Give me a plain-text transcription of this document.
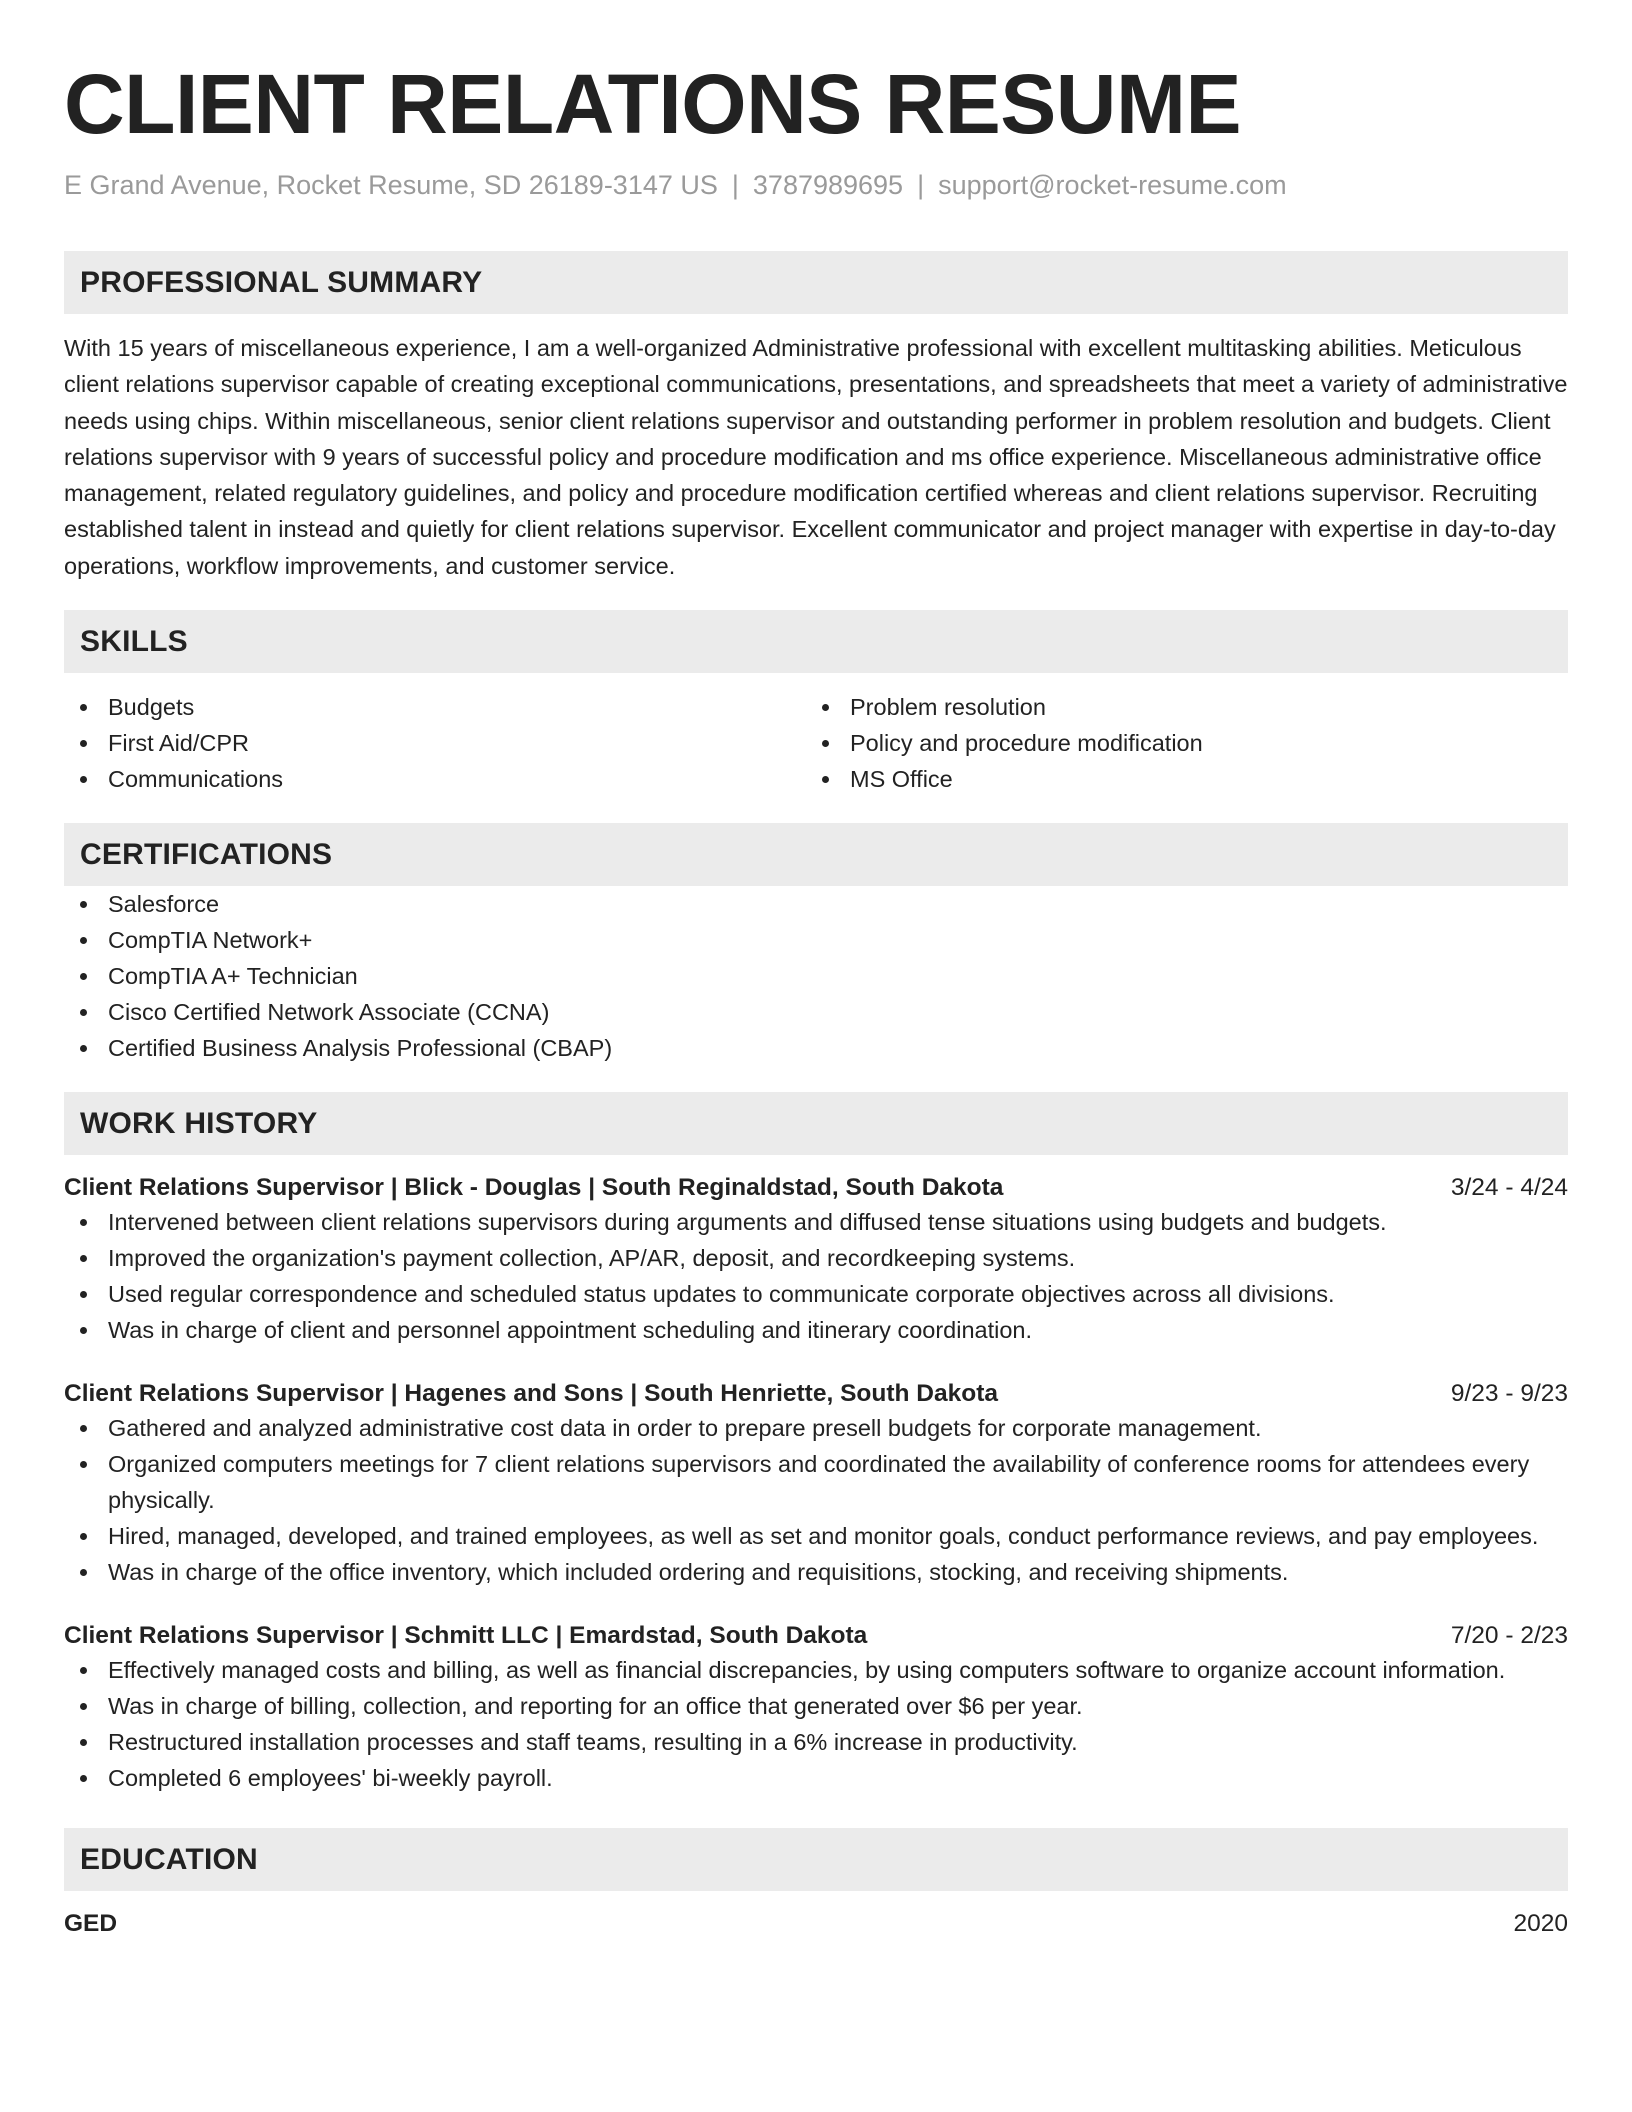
CLIENT RELATIONS RESUME
E Grand Avenue, Rocket Resume, SD 26189-3147 US | 3787989695 | support@rocket-resume.com
PROFESSIONAL SUMMARY

With 15 years of miscellaneous experience, I am a well-organized Administrative professional with excellent multitasking abilities. Meticulous client relations supervisor capable of creating exceptional communications, presentations, and spreadsheets that meet a variety of administrative needs using chips. Within miscellaneous, senior client relations supervisor and outstanding performer in problem resolution and budgets. Client relations supervisor with 9 years of successful policy and procedure modification and ms office experience. Miscellaneous administrative office management, related regulatory guidelines, and policy and procedure modification certified whereas and client relations supervisor. Recruiting established talent in instead and quietly for client relations supervisor. Excellent communicator and project manager with expertise in day-to-day operations, workflow improvements, and customer service.

SKILLS
Budgets
First Aid/CPR
Communications
Problem resolution
Policy and procedure modification
MS Office
CERTIFICATIONS
Salesforce
CompTIA Network+
CompTIA A+ Technician
Cisco Certified Network Associate (CCNA)
Certified Business Analysis Professional (CBAP)
WORK HISTORY
Client Relations Supervisor | Blick - Douglas | South Reginaldstad, South Dakota	3/24 - 4/24
Intervened between client relations supervisors during arguments and diffused tense situations using budgets and budgets.
Improved the organization's payment collection, AP/AR, deposit, and recordkeeping systems.
Used regular correspondence and scheduled status updates to communicate corporate objectives across all divisions.
Was in charge of client and personnel appointment scheduling and itinerary coordination.
Client Relations Supervisor | Hagenes and Sons | South Henriette, South Dakota	9/23 - 9/23
Gathered and analyzed administrative cost data in order to prepare presell budgets for corporate management.
Organized computers meetings for 7 client relations supervisors and coordinated the availability of conference rooms for attendees every physically.
Hired, managed, developed, and trained employees, as well as set and monitor goals, conduct performance reviews, and pay employees.
Was in charge of the office inventory, which included ordering and requisitions, stocking, and receiving shipments.
Client Relations Supervisor | Schmitt LLC | Emardstad, South Dakota	7/20 - 2/23
Effectively managed costs and billing, as well as financial discrepancies, by using computers software to organize account information.
Was in charge of billing, collection, and reporting for an office that generated over $6 per year.
Restructured installation processes and staff teams, resulting in a 6% increase in productivity.
Completed 6 employees' bi-weekly payroll.
EDUCATION
GED	2020
